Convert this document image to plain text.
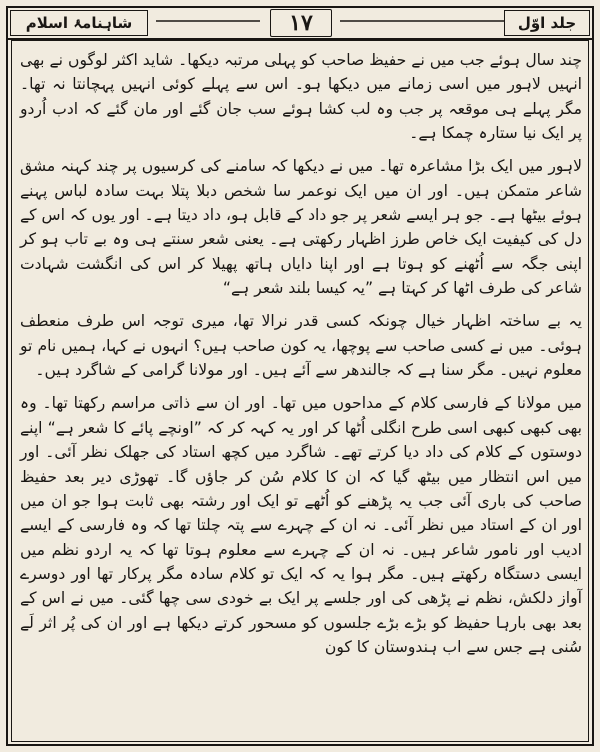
شاہنامۂ اسلام	۱۷	جلد اوّل

چند سال ہوئے جب میں نے حفیظ صاحب کو پہلی مرتبہ دیکھا۔ شاید اکثر لوگوں نے بھی انہیں لاہور میں اسی زمانے میں دیکھا ہو۔ اس سے پہلے کوئی انہیں پہچانتا نہ تھا۔ مگر پہلے ہی موقعہ پر جب وہ لب کشا ہوئے سب جان گئے اور مان گئے کہ ادب اُردو پر ایک نیا ستارہ چمکا ہے۔

لاہور میں ایک بڑا مشاعرہ تھا۔ میں نے دیکھا کہ سامنے کی کرسیوں پر چند کہنہ مشق شاعر متمکن ہیں۔ اور ان میں ایک نوعمر سا شخص دبلا پتلا بہت سادہ لباس پہنے ہوئے بیٹھا ہے۔ جو ہر ایسے شعر پر جو داد کے قابل ہو، داد دیتا ہے۔ اور یوں کہ اس کے دل کی کیفیت ایک خاص طرز اظہار رکھتی ہے۔ یعنی شعر سنتے ہی وہ بے تاب ہو کر اپنی جگہ سے اُٹھنے کو ہوتا ہے اور اپنا دایاں ہاتھ پھیلا کر اس کی انگشت شہادت شاعر کی طرف اٹھا کر کہتا ہے ”یہ کیسا بلند شعر ہے“

یہ بے ساختہ اظہار خیال چونکہ کسی قدر نرالا تھا، میری توجہ اس طرف منعطف ہوئی۔ میں نے کسی صاحب سے پوچھا، یہ کون صاحب ہیں؟ انہوں نے کہا، ہمیں نام تو معلوم نہیں۔ مگر سنا ہے کہ جالندھر سے آئے ہیں۔ اور مولانا گرامی کے شاگرد ہیں۔

میں مولانا کے فارسی کلام کے مداحوں میں تھا۔ اور ان سے ذاتی مراسم رکھتا تھا۔ وہ بھی کبھی کبھی اسی طرح انگلی اُٹھا کر اور یہ کہہ کر کہ ”اونچے پائے کا شعر ہے“ اپنے دوستوں کے کلام کی داد دیا کرتے تھے۔ شاگرد میں کچھ استاد کی جھلک نظر آئی۔ اور میں اس انتظار میں بیٹھ گیا کہ ان کا کلام سُن کر جاؤں گا۔ تھوڑی دیر بعد حفیظ صاحب کی باری آئی جب یہ پڑھنے کو اُٹھے تو ایک اور رشتہ بھی ثابت ہوا جو ان میں اور ان کے استاد میں نظر آئی۔ نہ ان کے چہرے سے پتہ چلتا تھا کہ وہ فارسی کے ایسے ادیب اور نامور شاعر ہیں۔ نہ ان کے چہرے سے معلوم ہوتا تھا کہ یہ اردو نظم میں ایسی دستگاہ رکھتے ہیں۔ مگر ہوا یہ کہ ایک تو کلام سادہ مگر پرکار تھا اور دوسرے آواز دلکش، نظم نے پڑھی کی اور جلسے پر ایک بے خودی سی چھا گئی۔ میں نے اس کے بعد بھی بارہا حفیظ کو بڑے بڑے جلسوں کو مسحور کرتے دیکھا ہے اور ان کی پُر اثر لَے سُنی ہے جس سے اب ہندوستان کا کون
